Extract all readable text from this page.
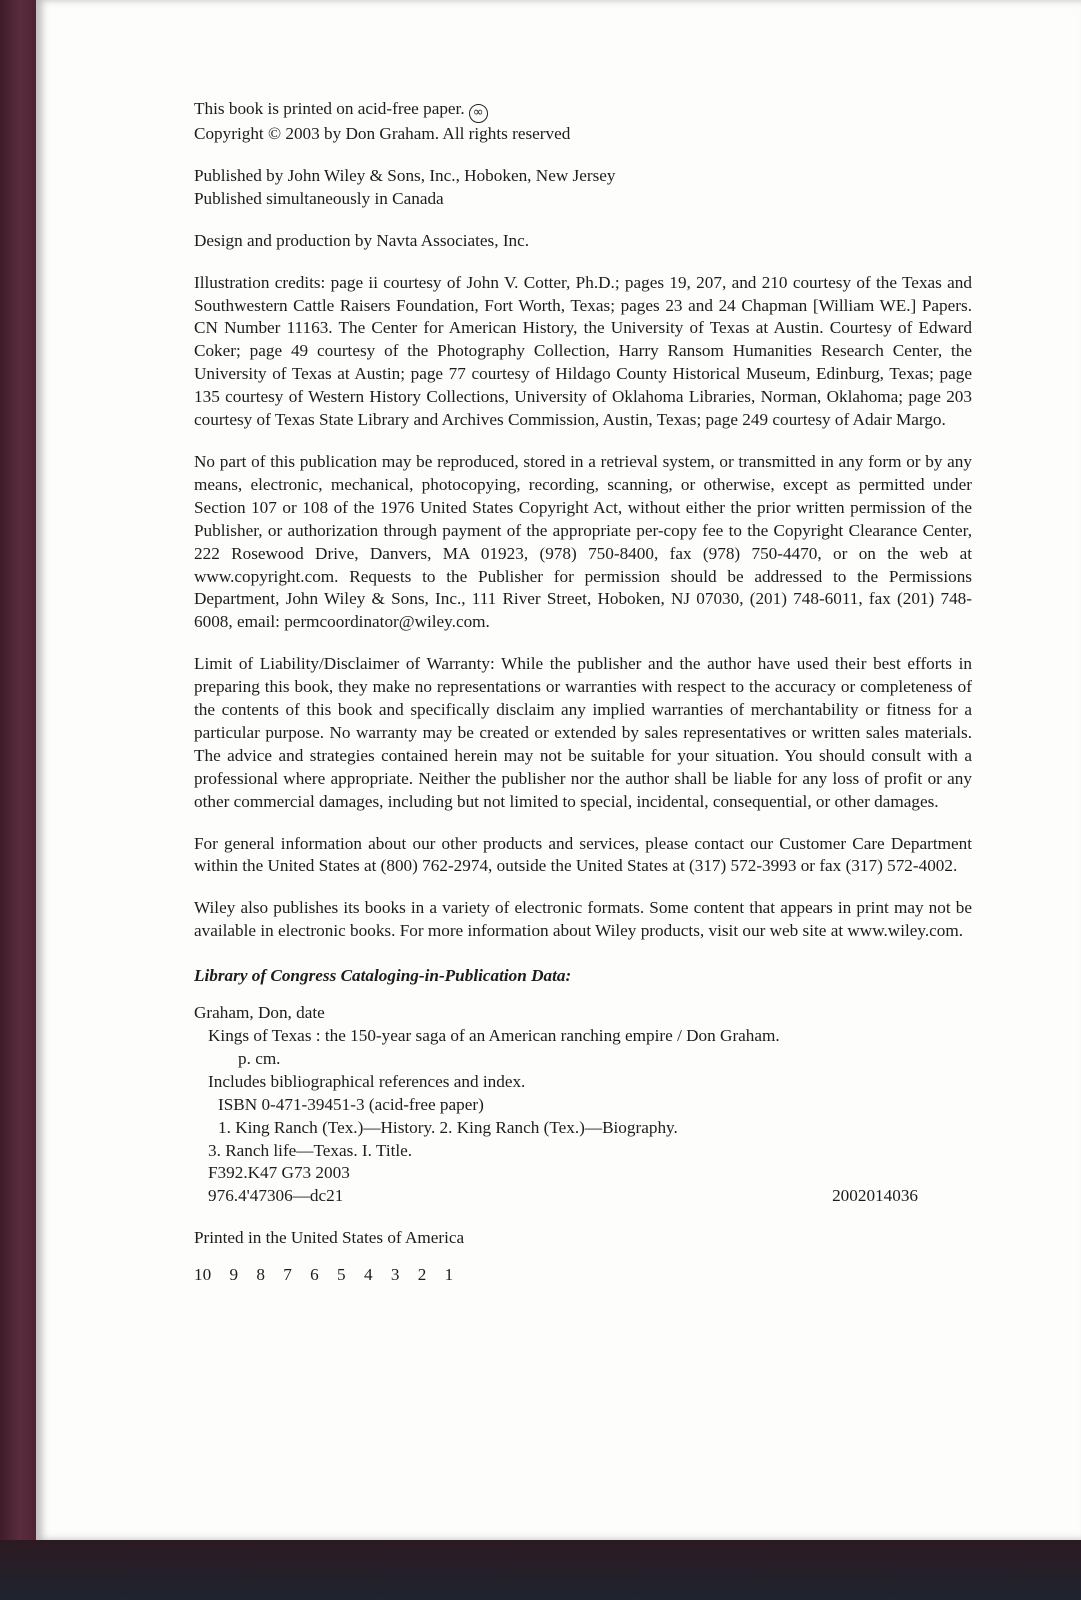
This book is printed on acid-free paper. ∞
Copyright © 2003 by Don Graham. All rights reserved
Published by John Wiley & Sons, Inc., Hoboken, New Jersey
Published simultaneously in Canada
Design and production by Navta Associates, Inc.

Illustration credits: page ii courtesy of John V. Cotter, Ph.D.; pages 19, 207, and 210 courtesy of the Texas and Southwestern Cattle Raisers Foundation, Fort Worth, Texas; pages 23 and 24 Chapman [William WE.] Papers. CN Number 11163. The Center for American History, the University of Texas at Austin. Courtesy of Edward Coker; page 49 courtesy of the Photography Collection, Harry Ransom Humanities Research Center, the University of Texas at Austin; page 77 courtesy of Hildago County Historical Museum, Edinburg, Texas; page 135 courtesy of Western History Collections, University of Oklahoma Libraries, Norman, Oklahoma; page 203 courtesy of Texas State Library and Archives Commission, Austin, Texas; page 249 courtesy of Adair Margo.

No part of this publication may be reproduced, stored in a retrieval system, or transmitted in any form or by any means, electronic, mechanical, photocopying, recording, scanning, or otherwise, except as permitted under Section 107 or 108 of the 1976 United States Copyright Act, without either the prior written permission of the Publisher, or authorization through payment of the appropriate per-copy fee to the Copyright Clearance Center, 222 Rosewood Drive, Danvers, MA 01923, (978) 750-8400, fax (978) 750-4470, or on the web at www.copyright.com. Requests to the Publisher for permission should be addressed to the Permissions Department, John Wiley & Sons, Inc., 111 River Street, Hoboken, NJ 07030, (201) 748-6011, fax (201) 748-6008, email: permcoordinator@wiley.com.

Limit of Liability/Disclaimer of Warranty: While the publisher and the author have used their best efforts in preparing this book, they make no representations or warranties with respect to the accuracy or completeness of the contents of this book and specifically disclaim any implied warranties of merchantability or fitness for a particular purpose. No warranty may be created or extended by sales representatives or written sales materials. The advice and strategies contained herein may not be suitable for your situation. You should consult with a professional where appropriate. Neither the publisher nor the author shall be liable for any loss of profit or any other commercial damages, including but not limited to special, incidental, consequential, or other damages.

For general information about our other products and services, please contact our Customer Care Department within the United States at (800) 762-2974, outside the United States at (317) 572-3993 or fax (317) 572-4002.

Wiley also publishes its books in a variety of electronic formats. Some content that appears in print may not be available in electronic books. For more information about Wiley products, visit our web site at www.wiley.com.

Library of Congress Cataloging-in-Publication Data:
Graham, Don, date
Kings of Texas : the 150-year saga of an American ranching empire / Don Graham.
p. cm.
Includes bibliographical references and index.
ISBN 0-471-39451-3 (acid-free paper)
1. King Ranch (Tex.)—History. 2. King Ranch (Tex.)—Biography.
3. Ranch life—Texas. I. Title.
F392.K47 G73 2003
976.4'47306—dc21	2002014036
Printed in the United States of America
10 9 8 7 6 5 4 3 2 1
